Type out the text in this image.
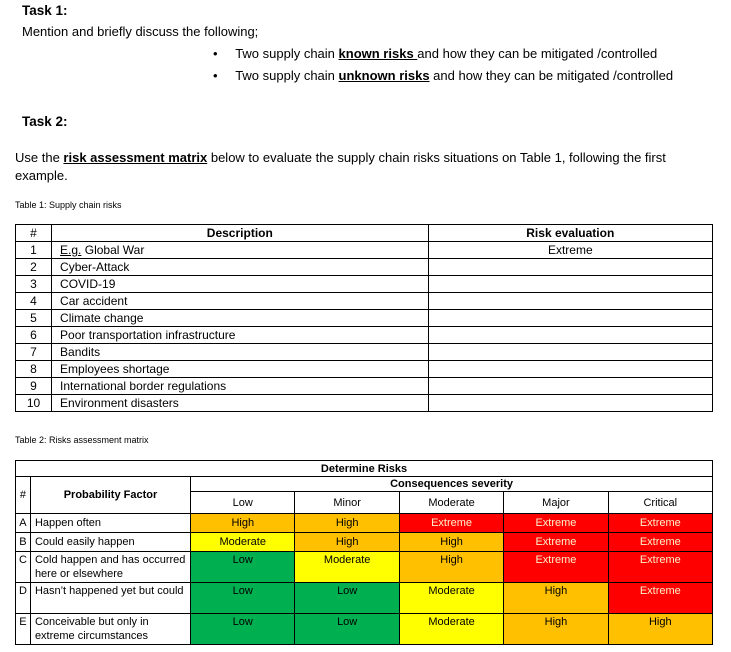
Task 1:
Mention and briefly discuss the following;
• Two supply chain known risks and how they can be mitigated /controlled
• Two supply chain unknown risks and how they can be mitigated /controlled
Task 2:
Use the risk assessment matrix below to evaluate the supply chain risks situations on Table 1, following the first
example.
Table 1: Supply chain risks
#	Description	Risk evaluation
1	E.g. Global War	Extreme
2	Cyber-Attack	
3	COVID-19	
4	Car accident	
5	Climate change	
6	Poor transportation infrastructure	
7	Bandits	
8	Employees shortage	
9	International border regulations	
10	Environment disasters	
Table 2: Risks assessment matrix
Determine Risks						
#	Probability Factor	Consequences severity				
		Low	Minor	Moderate	Major	Critical
A	Happen often	High	High	Extreme	Extreme	Extreme
B	Could easily happen	Moderate	High	High	Extreme	Extreme
C	Cold happen and has occurred here or elsewhere	Low	Moderate	High	Extreme	Extreme
D	Hasn’t happened yet but could	Low	Low	Moderate	High	Extreme
E	Conceivable but only in extreme circumstances	Low	Low	Moderate	High	High
